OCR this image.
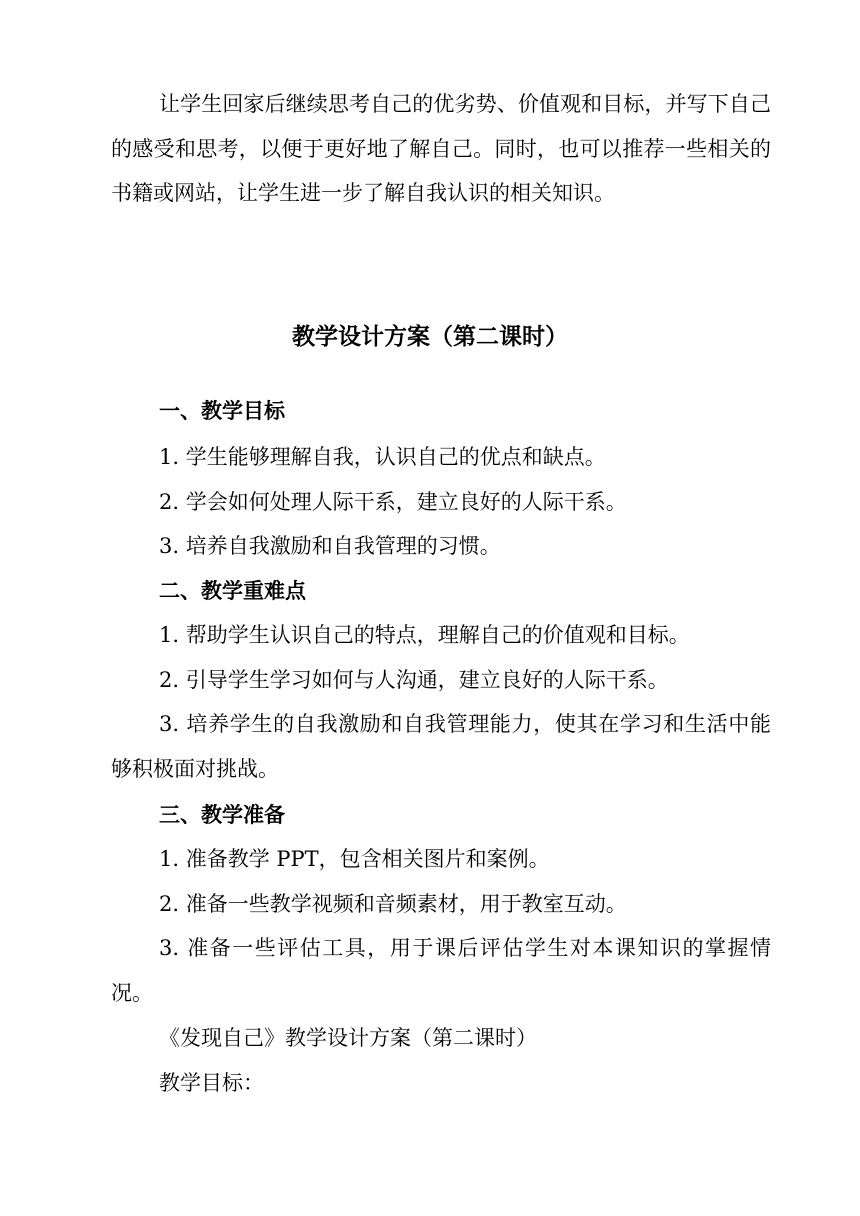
让学生回家后继续思考自己的优劣势、价值观和目标，并写下自己的感受和思考，以便于更好地了解自己。同时，也可以推荐一些相关的书籍或网站，让学生进一步了解自我认识的相关知识。

教学设计方案（第二课时）
一、教学目标

1. 学生能够理解自我，认识自己的优点和缺点。

2. 学会如何处理人际干系，建立良好的人际干系。

3. 培养自我激励和自我管理的习惯。

二、教学重难点

1. 帮助学生认识自己的特点，理解自己的价值观和目标。

2. 引导学生学习如何与人沟通，建立良好的人际干系。

3. 培养学生的自我激励和自我管理能力，使其在学习和生活中能够积极面对挑战。

三、教学准备

1. 准备教学 PPT，包含相关图片和案例。

2. 准备一些教学视频和音频素材，用于教室互动。

3. 准备一些评估工具，用于课后评估学生对本课知识的掌握情况。

《发现自己》教学设计方案（第二课时）

教学目标：
